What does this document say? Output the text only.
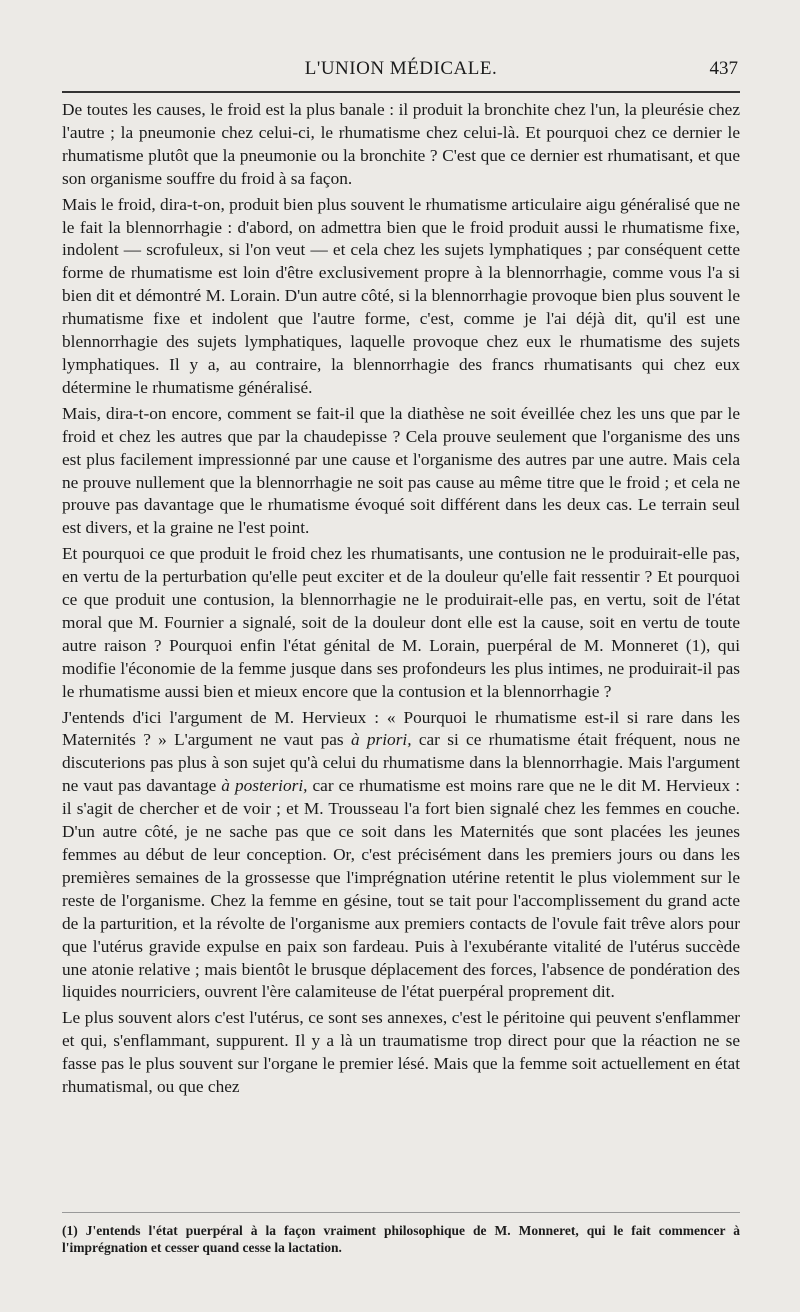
L'UNION MÉDICALE.	437

De toutes les causes, le froid est la plus banale : il produit la bronchite chez l'un, la pleurésie chez l'autre ; la pneumonie chez celui-ci, le rhumatisme chez celui-là. Et pourquoi chez ce dernier le rhumatisme plutôt que la pneumonie ou la bronchite ? C'est que ce dernier est rhumatisant, et que son organisme souffre du froid à sa façon.

Mais le froid, dira-t-on, produit bien plus souvent le rhumatisme articulaire aigu généralisé que ne le fait la blennorrhagie : d'abord, on admettra bien que le froid produit aussi le rhumatisme fixe, indolent — scrofuleux, si l'on veut — et cela chez les sujets lymphatiques ; par conséquent cette forme de rhumatisme est loin d'être exclusivement propre à la blennorrhagie, comme vous l'a si bien dit et démontré M. Lorain. D'un autre côté, si la blennorrhagie provoque bien plus souvent le rhumatisme fixe et indolent que l'autre forme, c'est, comme je l'ai déjà dit, qu'il est une blennorrhagie des sujets lymphatiques, laquelle provoque chez eux le rhumatisme des sujets lymphatiques. Il y a, au contraire, la blennorrhagie des francs rhumatisants qui chez eux détermine le rhumatisme généralisé.

Mais, dira-t-on encore, comment se fait-il que la diathèse ne soit éveillée chez les uns que par le froid et chez les autres que par la chaudepisse ? Cela prouve seulement que l'organisme des uns est plus facilement impressionné par une cause et l'organisme des autres par une autre. Mais cela ne prouve nullement que la blennorrhagie ne soit pas cause au même titre que le froid ; et cela ne prouve pas davantage que le rhumatisme évoqué soit différent dans les deux cas. Le terrain seul est divers, et la graine ne l'est point.

Et pourquoi ce que produit le froid chez les rhumatisants, une contusion ne le produirait-elle pas, en vertu de la perturbation qu'elle peut exciter et de la douleur qu'elle fait ressentir ? Et pourquoi ce que produit une contusion, la blennorrhagie ne le produirait-elle pas, en vertu, soit de l'état moral que M. Fournier a signalé, soit de la douleur dont elle est la cause, soit en vertu de toute autre raison ? Pourquoi enfin l'état génital de M. Lorain, puerpéral de M. Monneret (1), qui modifie l'économie de la femme jusque dans ses profondeurs les plus intimes, ne produirait-il pas le rhumatisme aussi bien et mieux encore que la contusion et la blennorrhagie ?

J'entends d'ici l'argument de M. Hervieux : « Pourquoi le rhumatisme est-il si rare dans les Maternités ? » L'argument ne vaut pas à priori, car si ce rhumatisme était fréquent, nous ne discuterions pas plus à son sujet qu'à celui du rhumatisme dans la blennorrhagie. Mais l'argument ne vaut pas davantage à posteriori, car ce rhumatisme est moins rare que ne le dit M. Hervieux : il s'agit de chercher et de voir ; et M. Trousseau l'a fort bien signalé chez les femmes en couche. D'un autre côté, je ne sache pas que ce soit dans les Maternités que sont placées les jeunes femmes au début de leur conception. Or, c'est précisément dans les premiers jours ou dans les premières semaines de la grossesse que l'imprégnation utérine retentit le plus violemment sur le reste de l'organisme. Chez la femme en gésine, tout se tait pour l'accomplissement du grand acte de la parturition, et la révolte de l'organisme aux premiers contacts de l'ovule fait trêve alors pour que l'utérus gravide expulse en paix son fardeau. Puis à l'exubérante vitalité de l'utérus succède une atonie relative ; mais bientôt le brusque déplacement des forces, l'absence de pondération des liquides nourriciers, ouvrent l'ère calamiteuse de l'état puerpéral proprement dit.

Le plus souvent alors c'est l'utérus, ce sont ses annexes, c'est le péritoine qui peuvent s'enflammer et qui, s'enflammant, suppurent. Il y a là un traumatisme trop direct pour que la réaction ne se fasse pas le plus souvent sur l'organe le premier lésé. Mais que la femme soit actuellement en état rhumatismal, ou que chez

(1) J'entends l'état puerpéral à la façon vraiment philosophique de M. Monneret, qui le fait commencer à l'imprégnation et cesser quand cesse la lactation.
